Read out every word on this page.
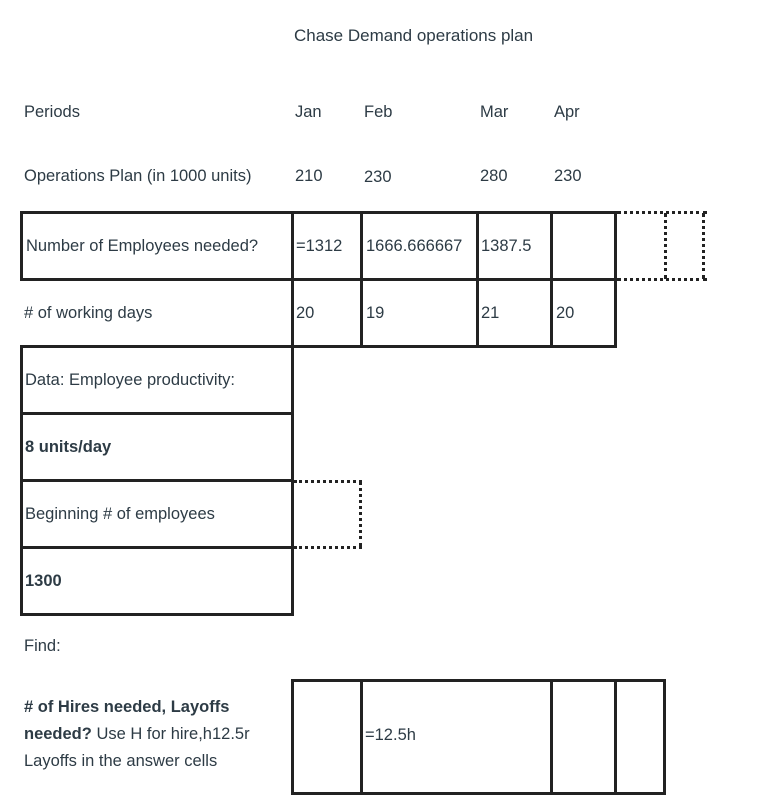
Chase Demand operations plan
Periods	Jan	Feb	Mar	Apr
Operations Plan (in 1000 units)	210	230	280	230
Number of Employees needed?	=1312	1666.666667	1387.5
# of working days	20	19	21	20
Data: Employee productivity:
8 units/day
Beginning # of employees
1300
Find:
# of Hires needed, Layoffs
needed? Use H for hire,h12.5r
Layoffs in the answer cells
=12.5h
